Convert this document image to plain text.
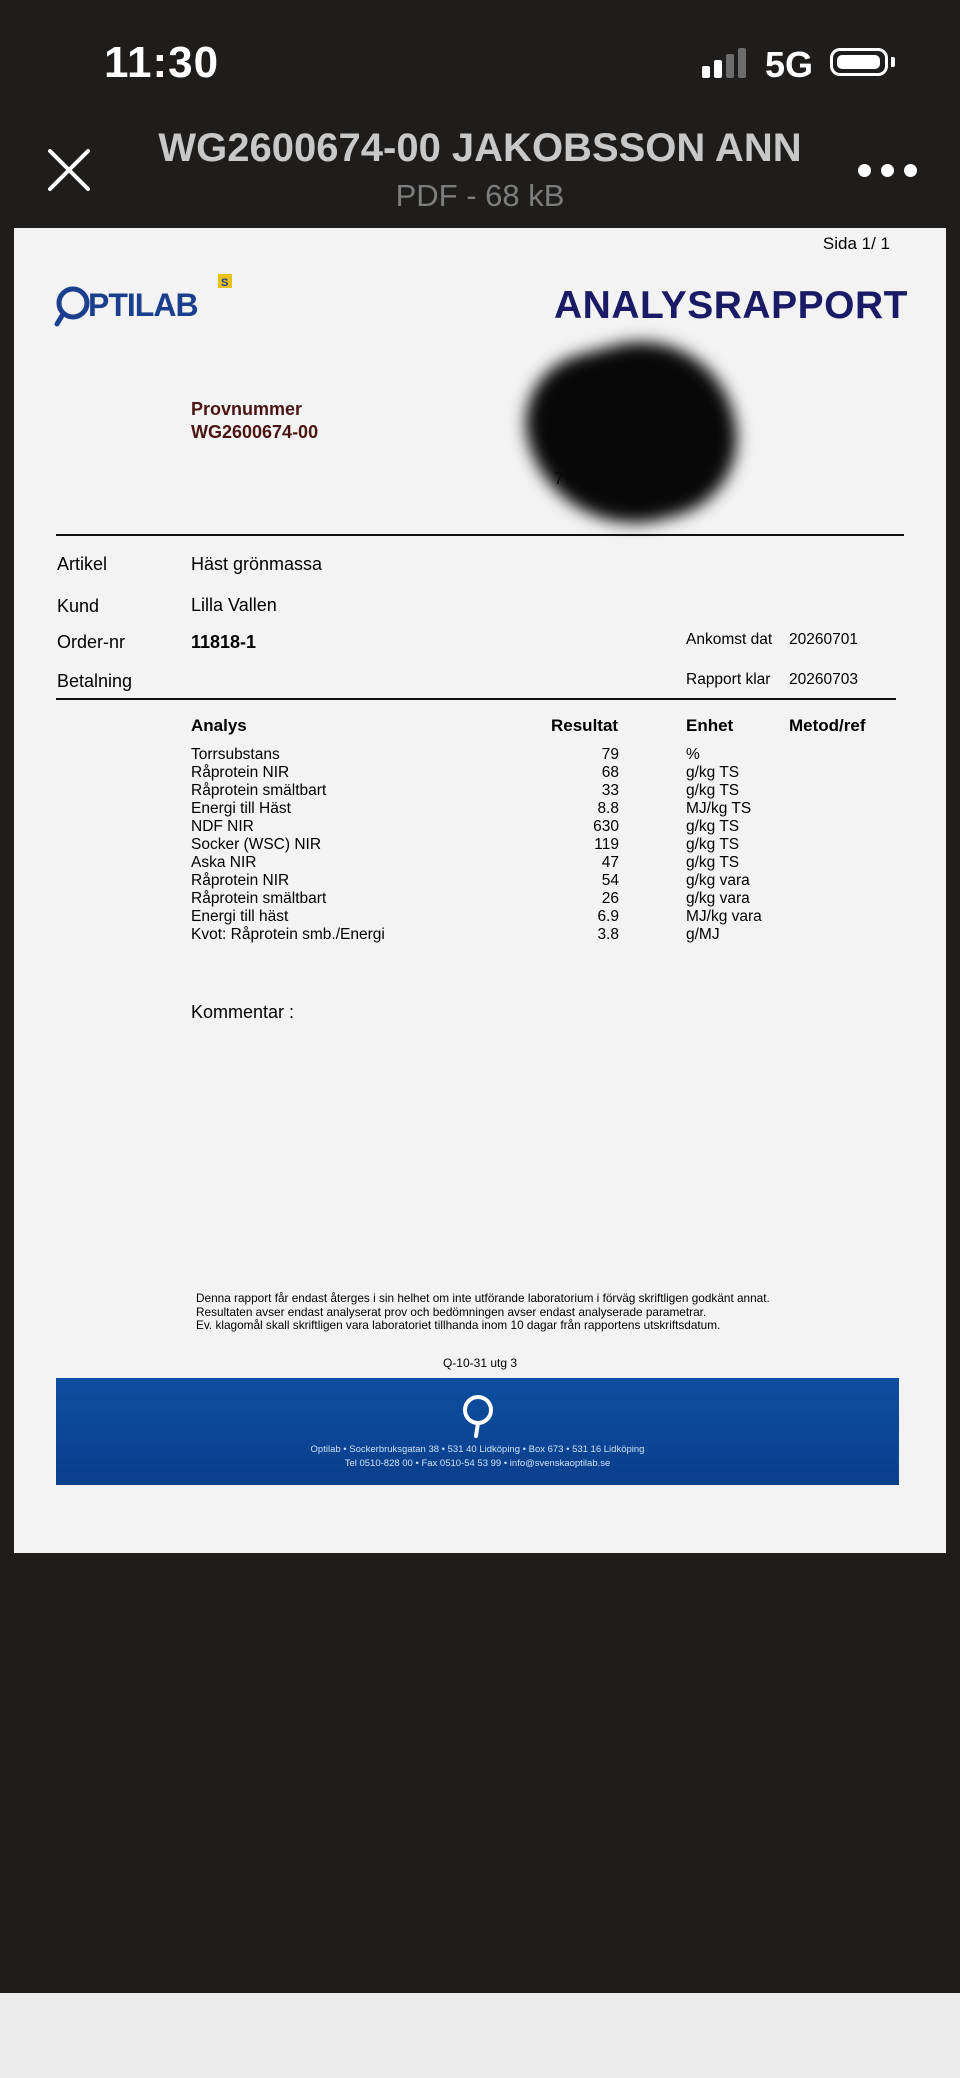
11:30	5G
WG2600674-00 JAKOBSSON ANN
PDF - 68 kB
Sida 1/ 1
PTILAB
S
ANALYSRAPPORT
Provnummer
WG2600674-00
Artikel	Häst grönmassa
Kund	Lilla Vallen
Order-nr	11818-1
Betalning
Ankomst dat 20260701
Rapport klar 20260703
Analys	Resultat	Enhet	Metod/ref
Torrsubstans	79	%
Råprotein NIR	68	g/kg TS
Råprotein smältbart	33	g/kg TS
Energi till Häst	8.8	MJ/kg TS
NDF NIR	630	g/kg TS
Socker (WSC) NIR	119	g/kg TS
Aska NIR	47	g/kg TS
Råprotein NIR	54	g/kg vara
Råprotein smältbart	26	g/kg vara
Energi till häst	6.9	MJ/kg vara
Kvot: Råprotein smb./Energi	3.8	g/MJ
Kommentar :
Denna rapport får endast återges i sin helhet om inte utförande laboratorium i förväg skriftligen godkänt annat.
Resultaten avser endast analyserat prov och bedömningen avser endast analyserade parametrar.
Ev. klagomål skall skriftligen vara laboratoriet tillhanda inom 10 dagar från rapportens utskriftsdatum.
Q-10-31 utg 3
Optilab • Sockerbruksgatan 38 • 531 40 Lidköping • Box 673 • 531 16 Lidköping
Tel 0510-828 00 • Fax 0510-54 53 99 • info@svenskaoptilab.se
